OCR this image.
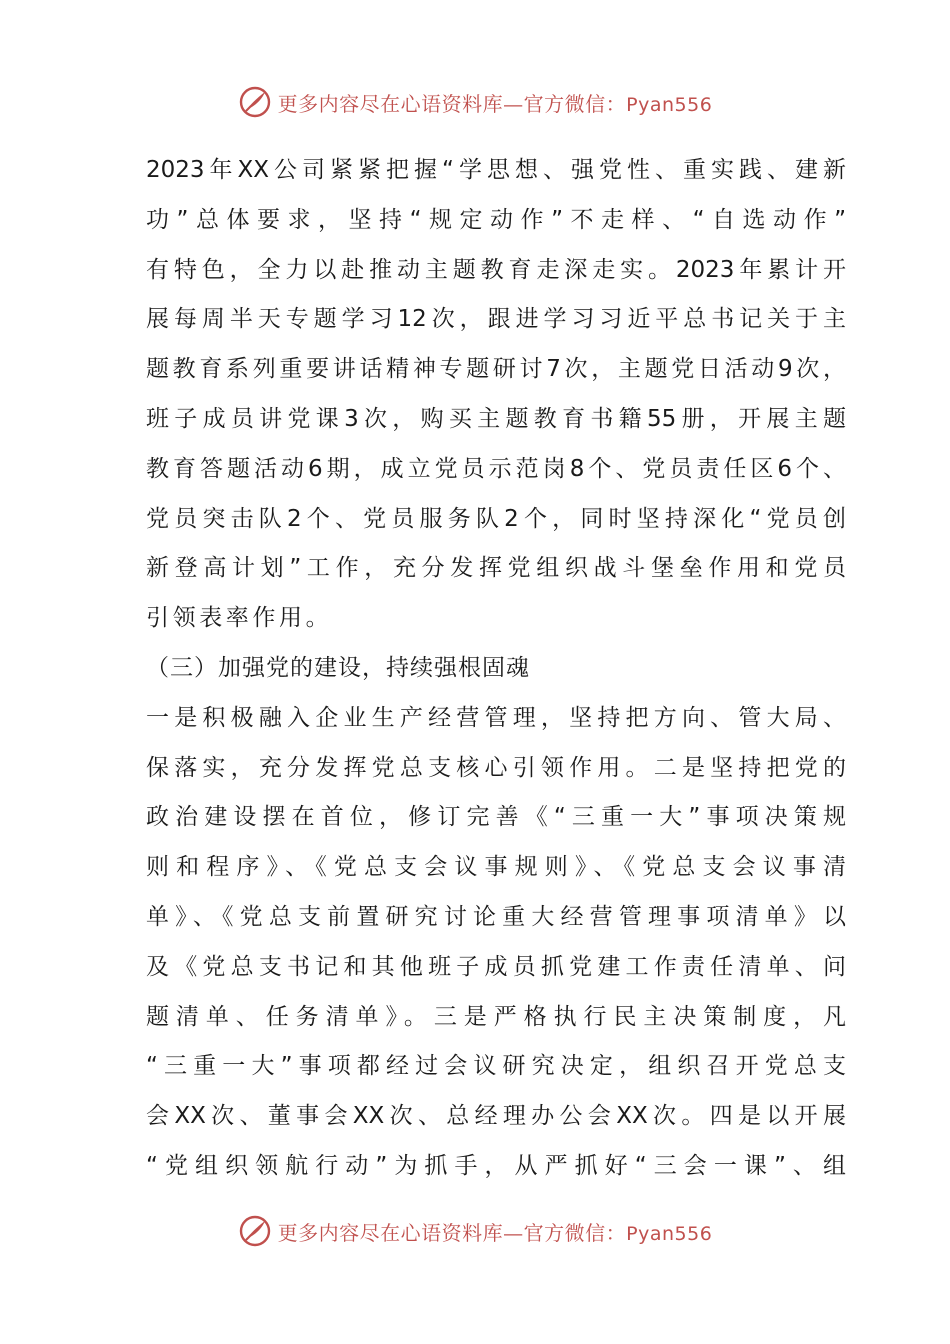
更多内容尽在心语资料库—官方微信：Pyan556
2023年XX公司紧紧把握“学思想、强党性、重实践、建新
功”总体要求，坚持“规定动作”不走样、“自选动作”
有特色，全力以赴推动主题教育走深走实。2023年累计开
展每周半天专题学习12次，跟进学习习近平总书记关于主
题教育系列重要讲话精神专题研讨7次，主题党日活动9次，
班子成员讲党课3次，购买主题教育书籍55册，开展主题
教育答题活动6期，成立党员示范岗8个、党员责任区6个、
党员突击队2个、党员服务队2个，同时坚持深化“党员创
新登高计划”工作，充分发挥党组织战斗堡垒作用和党员
引领表率作用。
（三）加强党的建设，持续强根固魂
一是积极融入企业生产经营管理，坚持把方向、管大局、
保落实，充分发挥党总支核心引领作用。二是坚持把党的
政治建设摆在首位，修订完善《“三重一大”事项决策规
则和程序》、《党总支会议事规则》、《党总支会议事清
单》、《党总支前置研究讨论重大经营管理事项清单》以
及《党总支书记和其他班子成员抓党建工作责任清单、问
题清单、任务清单》。三是严格执行民主决策制度，凡
“三重一大”事项都经过会议研究决定，组织召开党总支
会XX次、董事会XX次、总经理办公会XX次。四是以开展
“党组织领航行动”为抓手，从严抓好“三会一课”、组
更多内容尽在心语资料库—官方微信：Pyan556
